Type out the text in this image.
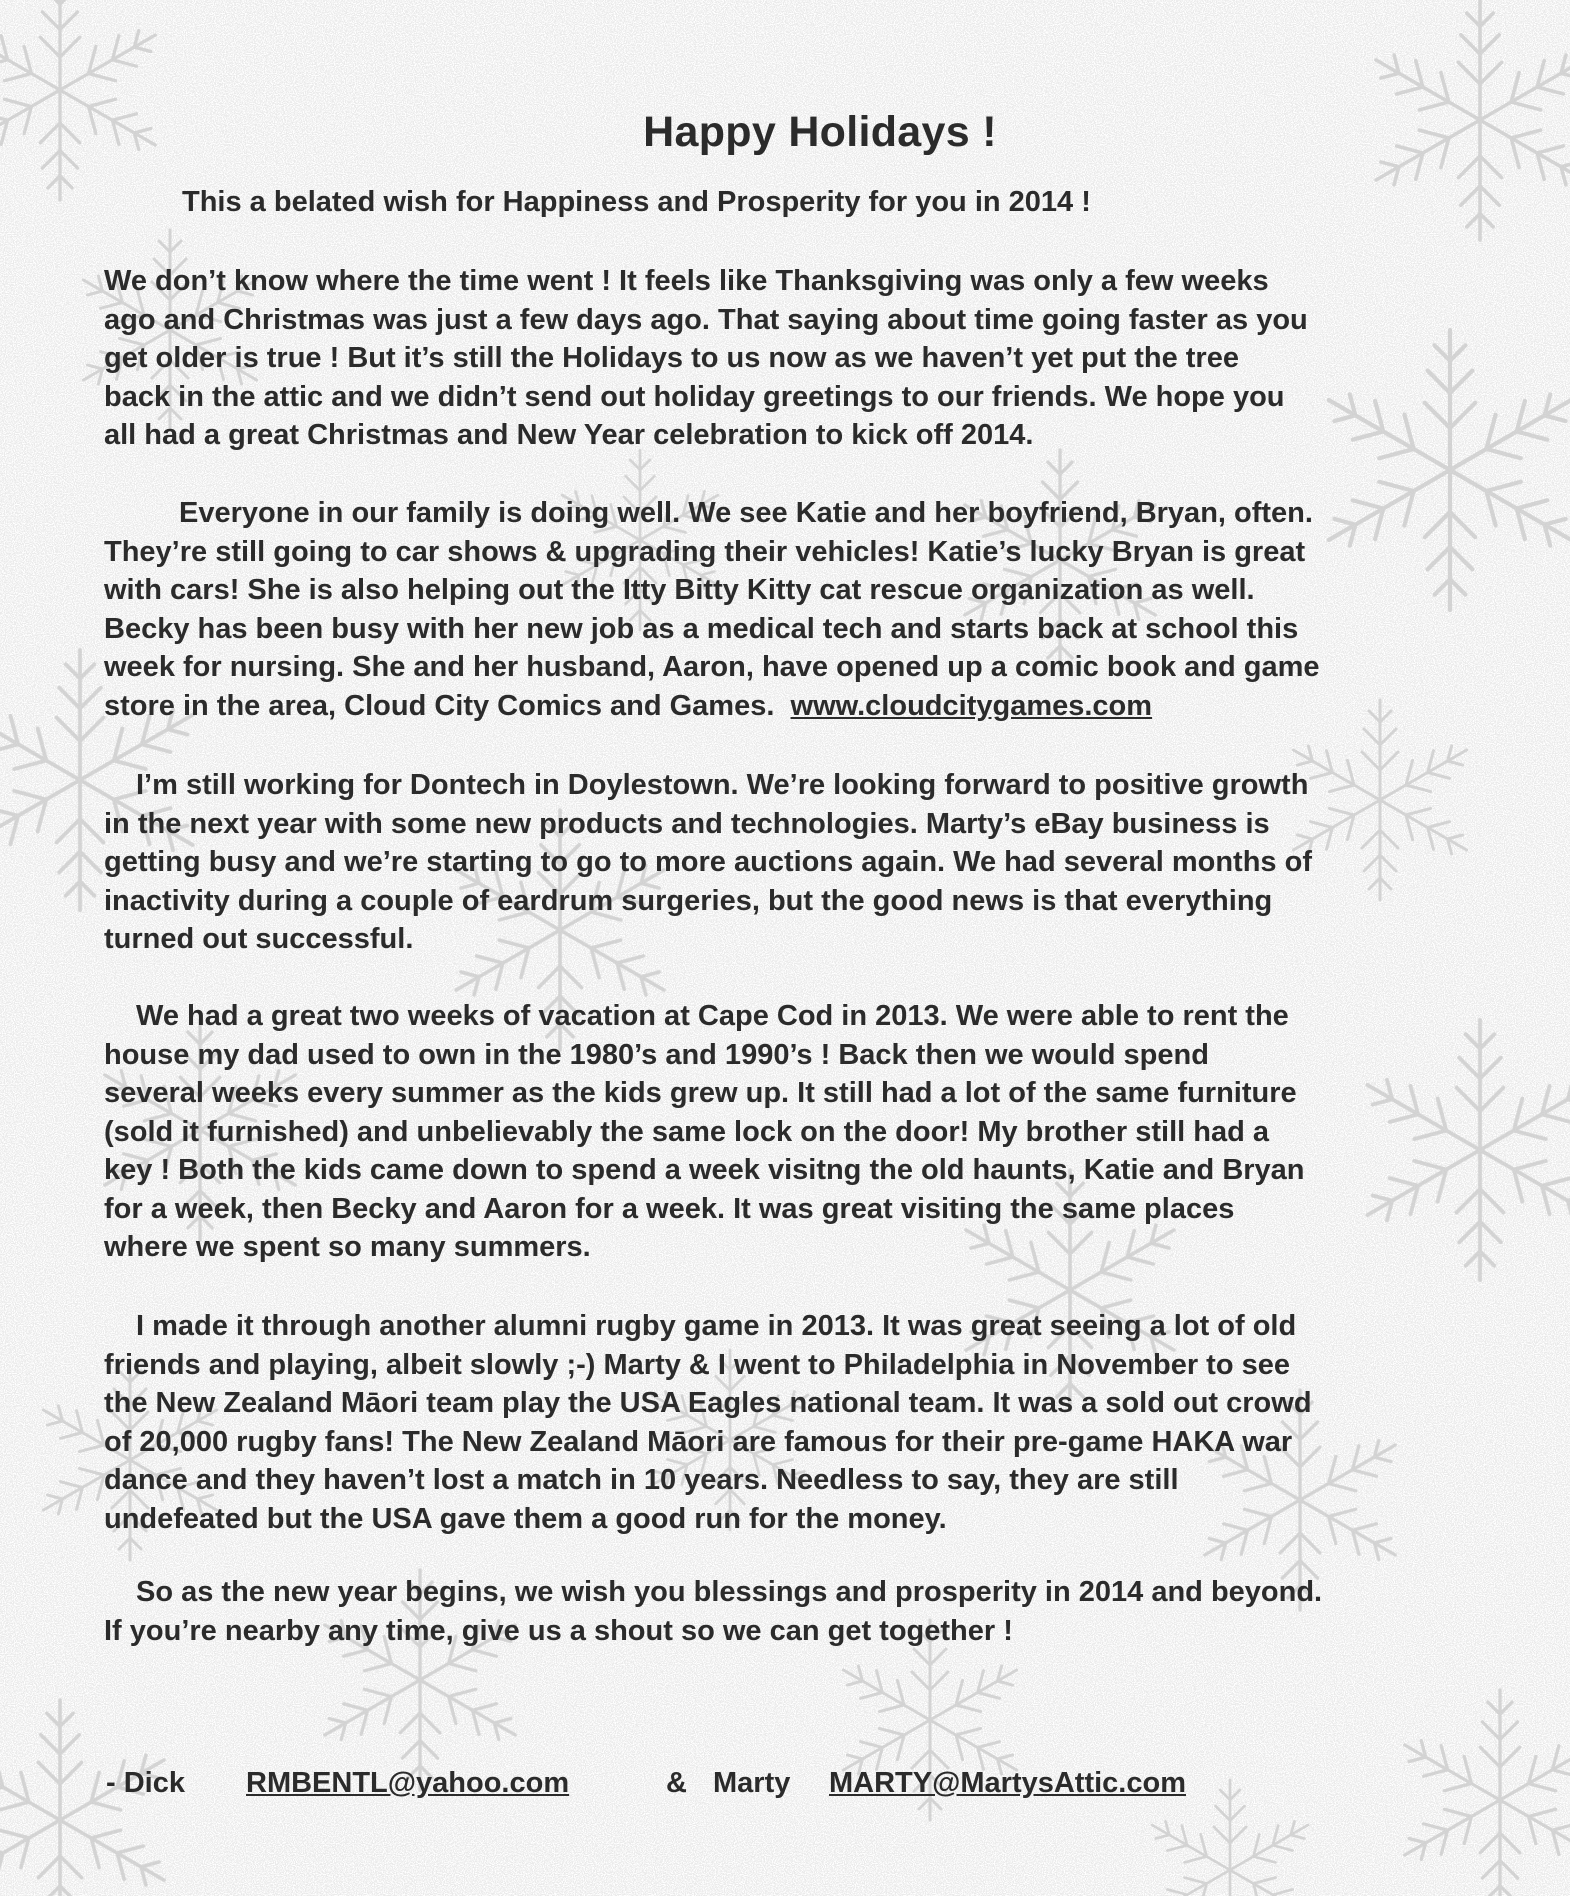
Happy Holidays !
This a belated wish for Happiness and Prosperity for you in 2014 !
We don’t know where the time went ! It feels like Thanksgiving was only a few weeks
ago and Christmas was just a few days ago. That saying about time going faster as you
get older is true ! But it’s still the Holidays to us now as we haven’t yet put the tree
back in the attic and we didn’t send out holiday greetings to our friends. We hope you
all had a great Christmas and New Year celebration to kick off 2014.
Everyone in our family is doing well. We see Katie and her boyfriend, Bryan, often.
They’re still going to car shows & upgrading their vehicles! Katie’s lucky Bryan is great
with cars! She is also helping out the Itty Bitty Kitty cat rescue organization as well.
Becky has been busy with her new job as a medical tech and starts back at school this
week for nursing. She and her husband, Aaron, have opened up a comic book and game
store in the area, Cloud City Comics and Games. www.cloudcitygames.com
I’m still working for Dontech in Doylestown. We’re looking forward to positive growth
in the next year with some new products and technologies. Marty’s eBay business is
getting busy and we’re starting to go to more auctions again. We had several months of
inactivity during a couple of eardrum surgeries, but the good news is that everything
turned out successful.
We had a great two weeks of vacation at Cape Cod in 2013. We were able to rent the
house my dad used to own in the 1980’s and 1990’s ! Back then we would spend
several weeks every summer as the kids grew up. It still had a lot of the same furniture
(sold it furnished) and unbelievably the same lock on the door! My brother still had a
key ! Both the kids came down to spend a week visitng the old haunts, Katie and Bryan
for a week, then Becky and Aaron for a week. It was great visiting the same places
where we spent so many summers.
I made it through another alumni rugby game in 2013. It was great seeing a lot of old
friends and playing, albeit slowly ;-) Marty & I went to Philadelphia in November to see
the New Zealand Māori team play the USA Eagles national team. It was a sold out crowd
of 20,000 rugby fans! The New Zealand Māori are famous for their pre-game HAKA war
dance and they haven’t lost a match in 10 years. Needless to say, they are still
undefeated but the USA gave them a good run for the money.
So as the new year begins, we wish you blessings and prosperity in 2014 and beyond.
If you’re nearby any time, give us a shout so we can get together !
- Dick RMBENTL@yahoo.com	& Marty MARTY@MartysAttic.com
